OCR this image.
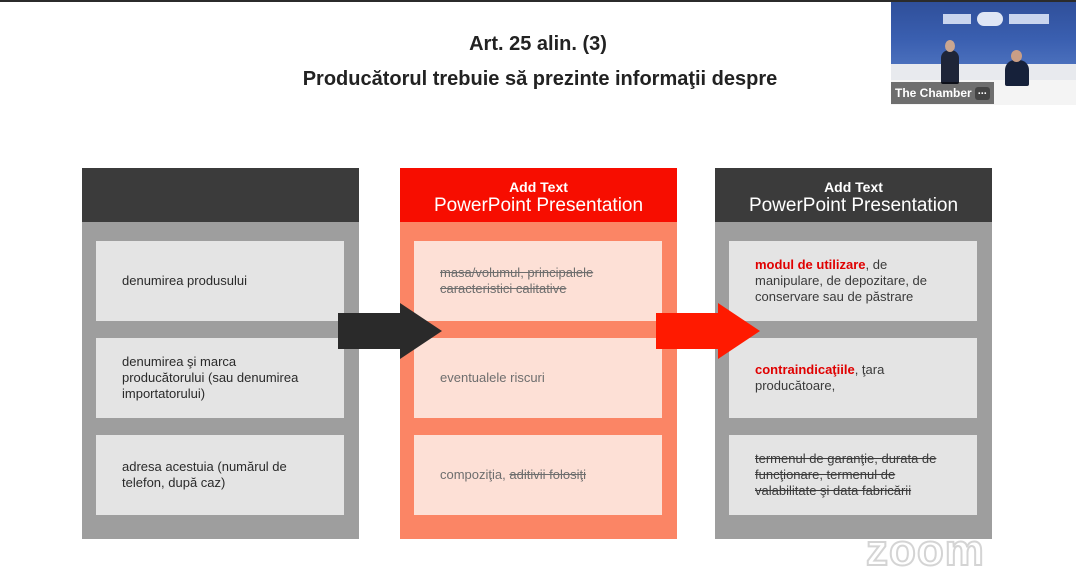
Art. 25 alin. (3)
Producătorul trebuie să prezinte informaţii despre
The Chamber ...
denumirea produsului
denumirea şi marca producătorului (sau denumirea importatorului)
adresa acestuia (numărul de telefon, după caz)
Add Text
PowerPoint Presentation
masa/volumul, principalele caracteristici calitative
eventualele riscuri
compoziţia, aditivii folosiţi
Add Text
PowerPoint Presentation
modul de utilizare, de manipulare, de depozitare, de conservare sau de păstrare
contraindicaţiile, ţara producătoare,
termenul de garanţie, durata de funcţionare, termenul de valabilitate şi data fabricării
zoom
